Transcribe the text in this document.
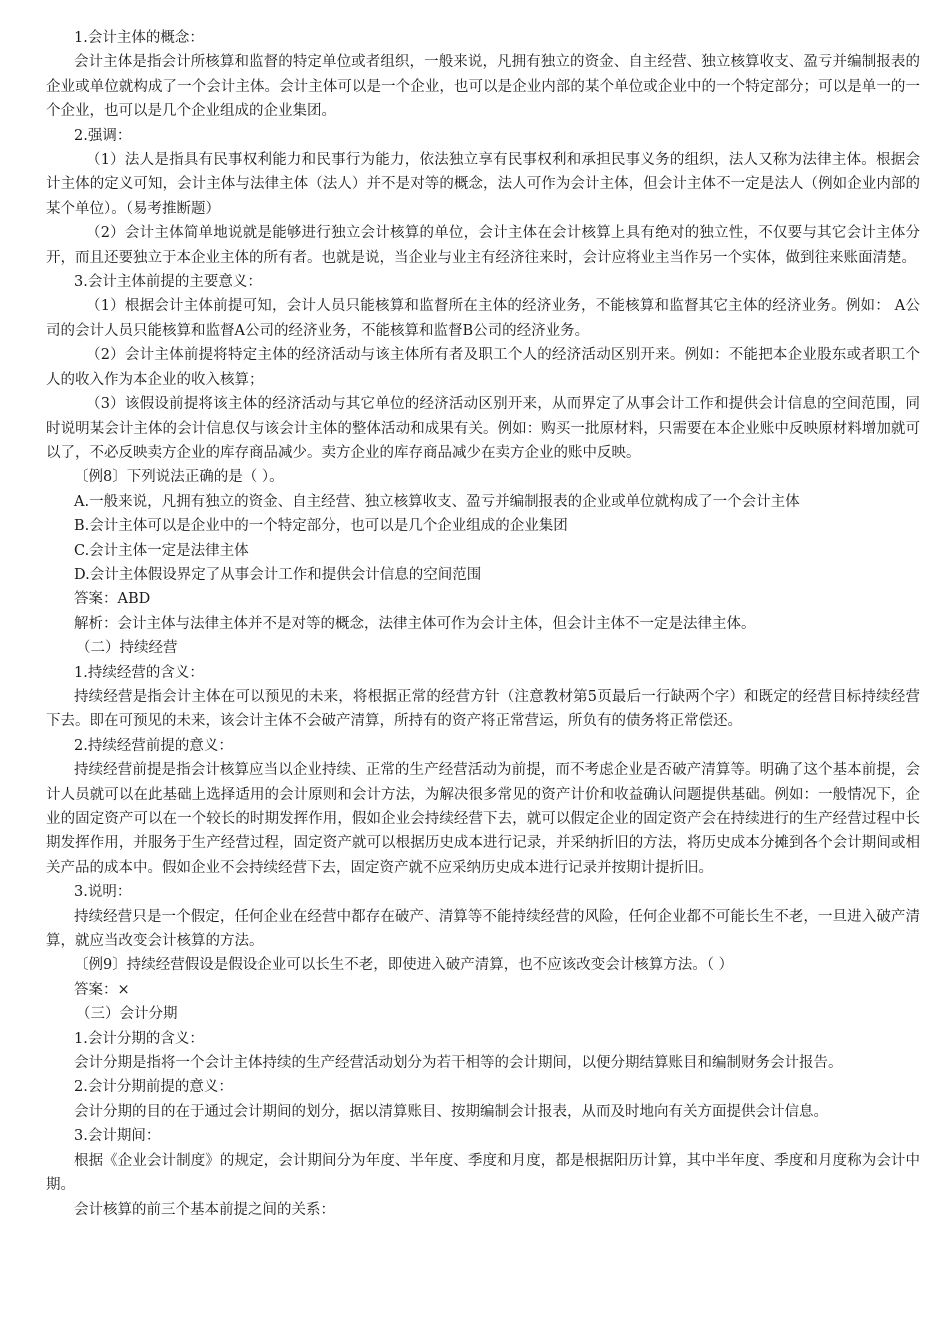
1.会计主体的概念：

会计主体是指会计所核算和监督的特定单位或者组织，一般来说，凡拥有独立的资金、自主经营、独立核算收支、盈亏并编制报表的企业或单位就构成了一个会计主体。会计主体可以是一个企业，也可以是企业内部的某个单位或企业中的一个特定部分；可以是单一的一个企业，也可以是几个企业组成的企业集团。

2.强调：

（1）法人是指具有民事权利能力和民事行为能力，依法独立享有民事权利和承担民事义务的组织，法人又称为法律主体。根据会计主体的定义可知，会计主体与法律主体（法人）并不是对等的概念，法人可作为会计主体，但会计主体不一定是法人（例如企业内部的某个单位）。（易考推断题）

（2）会计主体简单地说就是能够进行独立会计核算的单位，会计主体在会计核算上具有绝对的独立性，不仅要与其它会计主体分开，而且还要独立于本企业主体的所有者。也就是说，当企业与业主有经济往来时，会计应将业主当作另一个实体，做到往来账面清楚。

3.会计主体前提的主要意义：

（1）根据会计主体前提可知，会计人员只能核算和监督所在主体的经济业务，不能核算和监督其它主体的经济业务。例如： A公司的会计人员只能核算和监督A公司的经济业务，不能核算和监督B公司的经济业务。

（2）会计主体前提将特定主体的经济活动与该主体所有者及职工个人的经济活动区别开来。例如：不能把本企业股东或者职工个人的收入作为本企业的收入核算；

（3）该假设前提将该主体的经济活动与其它单位的经济活动区别开来，从而界定了从事会计工作和提供会计信息的空间范围，同时说明某会计主体的会计信息仅与该会计主体的整体活动和成果有关。例如：购买一批原材料，只需要在本企业账中反映原材料增加就可以了，不必反映卖方企业的库存商品减少。卖方企业的库存商品减少在卖方企业的账中反映。

〔例8〕下列说法正确的是（ ）。

A.一般来说，凡拥有独立的资金、自主经营、独立核算收支、盈亏并编制报表的企业或单位就构成了一个会计主体

B.会计主体可以是企业中的一个特定部分，也可以是几个企业组成的企业集团

C.会计主体一定是法律主体

D.会计主体假设界定了从事会计工作和提供会计信息的空间范围

答案：ABD

解析：会计主体与法律主体并不是对等的概念，法律主体可作为会计主体，但会计主体不一定是法律主体。

（二）持续经营

1.持续经营的含义：

持续经营是指会计主体在可以预见的未来，将根据正常的经营方针（注意教材第5页最后一行缺两个字）和既定的经营目标持续经营下去。即在可预见的未来，该会计主体不会破产清算，所持有的资产将正常营运，所负有的债务将正常偿还。

2.持续经营前提的意义：

持续经营前提是指会计核算应当以企业持续、正常的生产经营活动为前提，而不考虑企业是否破产清算等。明确了这个基本前提，会计人员就可以在此基础上选择适用的会计原则和会计方法，为解决很多常见的资产计价和收益确认问题提供基础。例如：一般情况下，企业的固定资产可以在一个较长的时期发挥作用，假如企业会持续经营下去，就可以假定企业的固定资产会在持续进行的生产经营过程中长期发挥作用，并服务于生产经营过程，固定资产就可以根据历史成本进行记录，并采纳折旧的方法，将历史成本分摊到各个会计期间或相关产品的成本中。假如企业不会持续经营下去，固定资产就不应采纳历史成本进行记录并按期计提折旧。

3.说明：

持续经营只是一个假定，任何企业在经营中都存在破产、清算等不能持续经营的风险，任何企业都不可能长生不老，一旦进入破产清算，就应当改变会计核算的方法。

〔例9〕持续经营假设是假设企业可以长生不老，即使进入破产清算，也不应该改变会计核算方法。（ ）

答案：×

（三）会计分期

1.会计分期的含义：

会计分期是指将一个会计主体持续的生产经营活动划分为若干相等的会计期间，以便分期结算账目和编制财务会计报告。

2.会计分期前提的意义：

会计分期的目的在于通过会计期间的划分，据以清算账目、按期编制会计报表，从而及时地向有关方面提供会计信息。

3.会计期间：

根据《企业会计制度》的规定，会计期间分为年度、半年度、季度和月度，都是根据阳历计算，其中半年度、季度和月度称为会计中期。

会计核算的前三个基本前提之间的关系：
